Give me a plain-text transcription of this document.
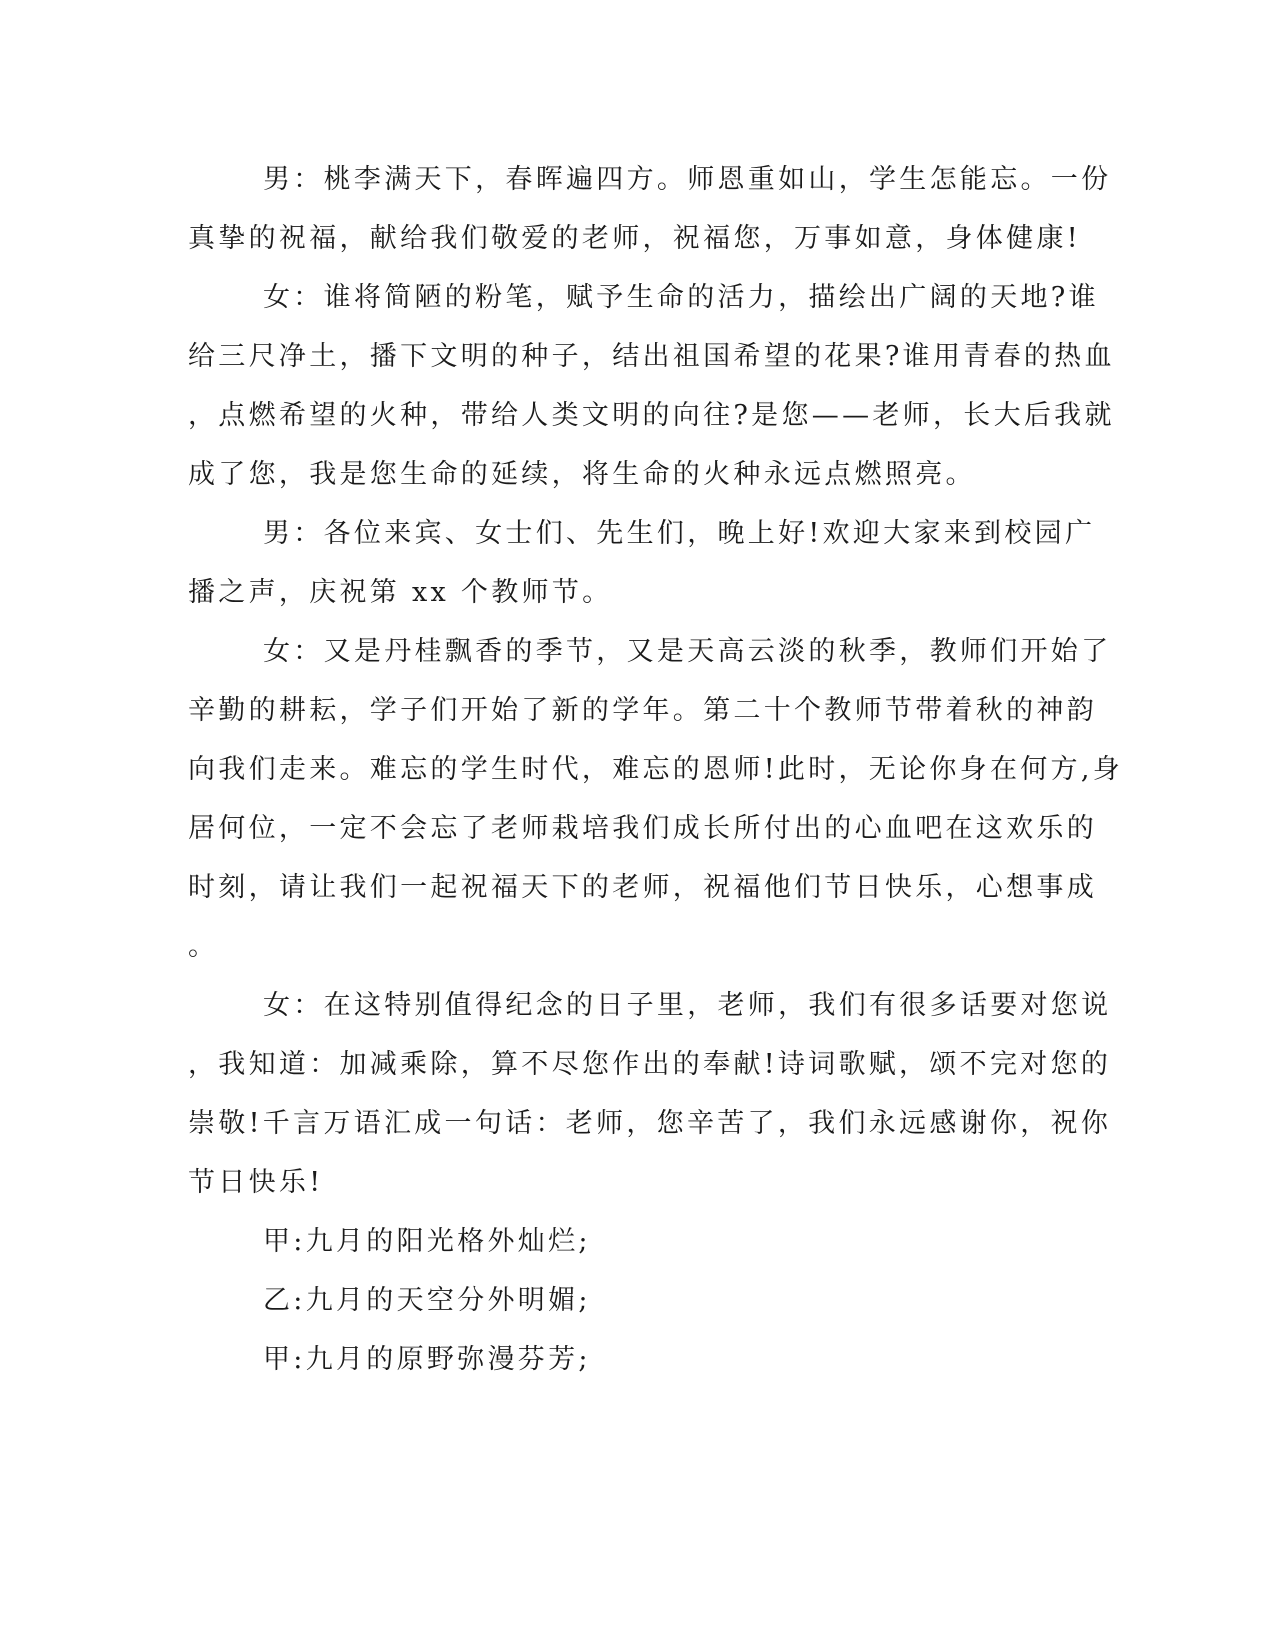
男：桃李满天下，春晖遍四方。师恩重如山，学生怎能忘。一份
真挚的祝福，献给我们敬爱的老师，祝福您，万事如意，身体健康!
女：谁将简陋的粉笔，赋予生命的活力，描绘出广阔的天地?谁
给三尺净土，播下文明的种子，结出祖国希望的花果?谁用青春的热血
，点燃希望的火种，带给人类文明的向往?是您——老师，长大后我就
成了您，我是您生命的延续，将生命的火种永远点燃照亮。
男：各位来宾、女士们、先生们，晚上好!欢迎大家来到校园广
播之声，庆祝第 xx 个教师节。
女：又是丹桂飘香的季节，又是天高云淡的秋季，教师们开始了
辛勤的耕耘，学子们开始了新的学年。第二十个教师节带着秋的神韵
向我们走来。难忘的学生时代，难忘的恩师!此时，无论你身在何方,身
居何位，一定不会忘了老师栽培我们成长所付出的心血吧在这欢乐的
时刻，请让我们一起祝福天下的老师，祝福他们节日快乐，心想事成
。
女：在这特别值得纪念的日子里，老师，我们有很多话要对您说
，我知道：加减乘除，算不尽您作出的奉献!诗词歌赋，颂不完对您的
崇敬!千言万语汇成一句话：老师，您辛苦了，我们永远感谢你，祝你
节日快乐!
甲:九月的阳光格外灿烂;
乙:九月的天空分外明媚;
甲:九月的原野弥漫芬芳;
